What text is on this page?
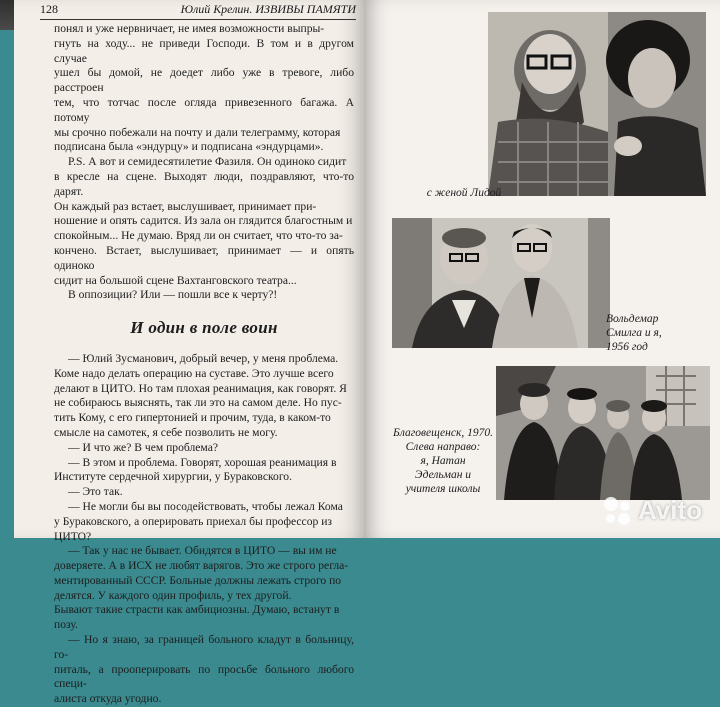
128	Юлий Крелин. ИЗВИВЫ ПАМЯТИ

понял и уже нервничает, не имея возможности выпры-

гнуть на ходу... не приведи Господи. В том и в другом случае

ушел бы домой, не доедет либо уже в тревоге, либо расстроен

тем, что тотчас после огляда привезенного багажа. А потому

мы срочно побежали на почту и дали телеграмму, которая

подписана была «эндурцу» и подписана «эндурцами».

P.S. А вот и семидесятилетие Фазиля. Он одиноко сидит

в кресле на сцене. Выходят люди, поздравляют, что-то дарят.

Он каждый раз встает, выслушивает, принимает при-

ношение и опять садится. Из зала он глядится благостным и

спокойным... Не думаю. Вряд ли он считает, что что-то за-

кончено. Встает, выслушивает, принимает — и опять одиноко

сидит на большой сцене Вахтанговского театра...

В оппозиции? Или — пошли все к черту?!

И один в поле воин

— Юлий Зусманович, добрый вечер, у меня проблема.

Коме надо делать операцию на суставе. Это лучше всего

делают в ЦИТО. Но там плохая реанимация, как говорят. Я

не собираюсь выяснять, так ли это на самом деле. Но пус-

тить Кому, с его гипертонией и прочим, туда, в каком-то

смысле на самотек, я себе позволить не могу.

— И что же? В чем проблема?

— В этом и проблема. Говорят, хорошая реанимация в

Институте сердечной хирургии, у Бураковского.

— Это так.

— Не могли бы вы посодействовать, чтобы лежал Кома

у Бураковского, а оперировать приехал бы профессор из

ЦИТО?

— Так у нас не бывает. Обидятся в ЦИТО — вы им не

доверяете. А в ИСХ не любят варягов. Это же строго регла-

ментированный СССР. Больные должны лежать строго по

делятся. У каждого один профиль, у тех другой.

Бывают такие страсти как амбициозны. Думаю, встанут в

позу.

— Но я знаю, за границей больного кладут в больницу, го-

питаль, а прооперировать по просьбе больного любого специ-

алиста откуда угодно.

с женой Лидой
Вольдемар
Смилга и я,
1956 год
Благовещенск, 1970.
Слева направо:
я, Натан
Эдельман и
учителя школы
Avito
